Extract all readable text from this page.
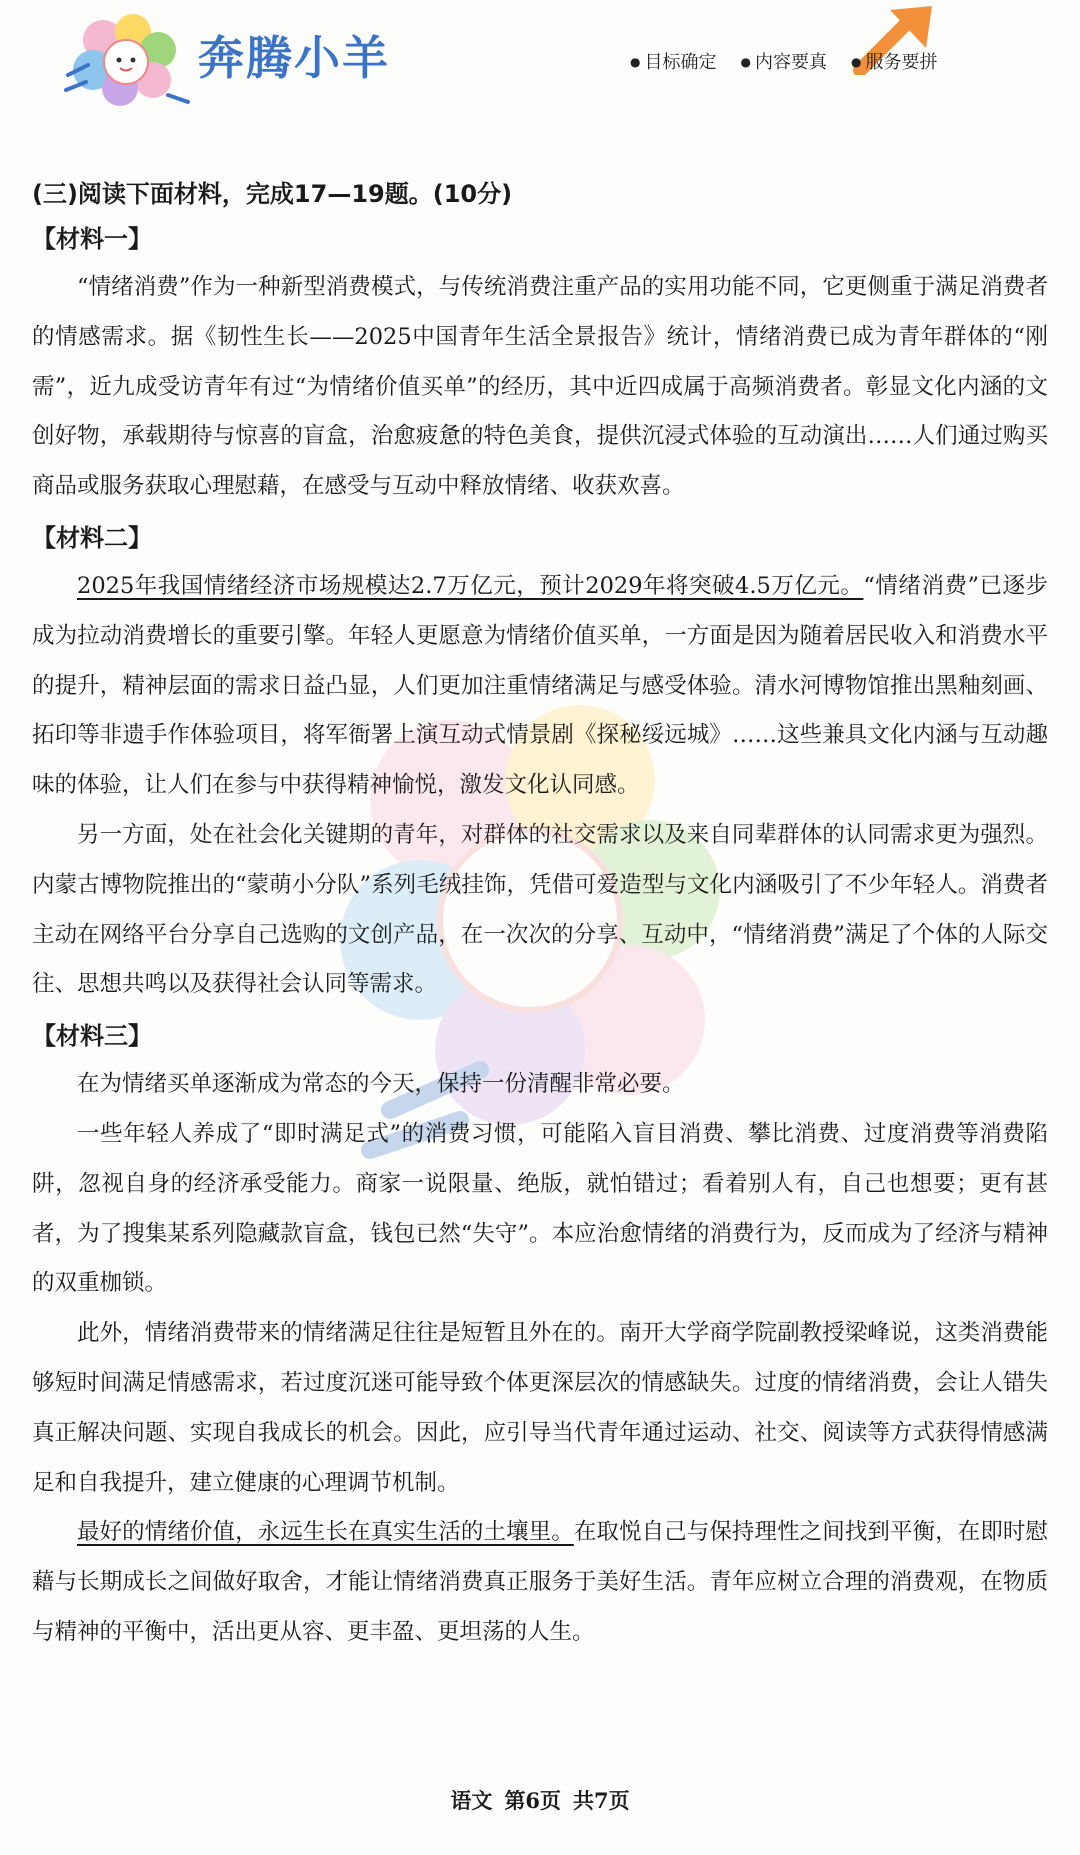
奔腾小羊	● 目标确定 ● 内容要真 ● 服务要拼
(三)阅读下面材料，完成17—19题。(10分)
【材料一】

“情绪消费”作为一种新型消费模式，与传统消费注重产品的实用功能不同，它更侧重于满足消费者的情感需求。据《韧性生长——2025中国青年生活全景报告》统计，情绪消费已成为青年群体的“刚需”，近九成受访青年有过“为情绪价值买单”的经历，其中近四成属于高频消费者。彰显文化内涵的文创好物，承载期待与惊喜的盲盒，治愈疲惫的特色美食，提供沉浸式体验的互动演出……人们通过购买商品或服务获取心理慰藉，在感受与互动中释放情绪、收获欢喜。

【材料二】

2025年我国情绪经济市场规模达2.7万亿元，预计2029年将突破4.5万亿元。“情绪消费”已逐步成为拉动消费增长的重要引擎。年轻人更愿意为情绪价值买单，一方面是因为随着居民收入和消费水平的提升，精神层面的需求日益凸显，人们更加注重情绪满足与感受体验。清水河博物馆推出黑釉刻画、拓印等非遗手作体验项目，将军衙署上演互动式情景剧《探秘绥远城》……这些兼具文化内涵与互动趣味的体验，让人们在参与中获得精神愉悦，激发文化认同感。

另一方面，处在社会化关键期的青年，对群体的社交需求以及来自同辈群体的认同需求更为强烈。内蒙古博物院推出的“蒙萌小分队”系列毛绒挂饰，凭借可爱造型与文化内涵吸引了不少年轻人。消费者主动在网络平台分享自己选购的文创产品，在一次次的分享、互动中，“情绪消费”满足了个体的人际交往、思想共鸣以及获得社会认同等需求。

【材料三】

在为情绪买单逐渐成为常态的今天，保持一份清醒非常必要。

一些年轻人养成了“即时满足式”的消费习惯，可能陷入盲目消费、攀比消费、过度消费等消费陷阱，忽视自身的经济承受能力。商家一说限量、绝版，就怕错过；看着别人有，自己也想要；更有甚者，为了搜集某系列隐藏款盲盒，钱包已然“失守”。本应治愈情绪的消费行为，反而成为了经济与精神的双重枷锁。

此外，情绪消费带来的情绪满足往往是短暂且外在的。南开大学商学院副教授梁峰说，这类消费能够短时间满足情感需求，若过度沉迷可能导致个体更深层次的情感缺失。过度的情绪消费，会让人错失真正解决问题、实现自我成长的机会。因此，应引导当代青年通过运动、社交、阅读等方式获得情感满足和自我提升，建立健康的心理调节机制。

最好的情绪价值，永远生长在真实生活的土壤里。在取悦自己与保持理性之间找到平衡，在即时慰藉与长期成长之间做好取舍，才能让情绪消费真正服务于美好生活。青年应树立合理的消费观，在物质与精神的平衡中，活出更从容、更丰盈、更坦荡的人生。

语文 第6页 共7页
